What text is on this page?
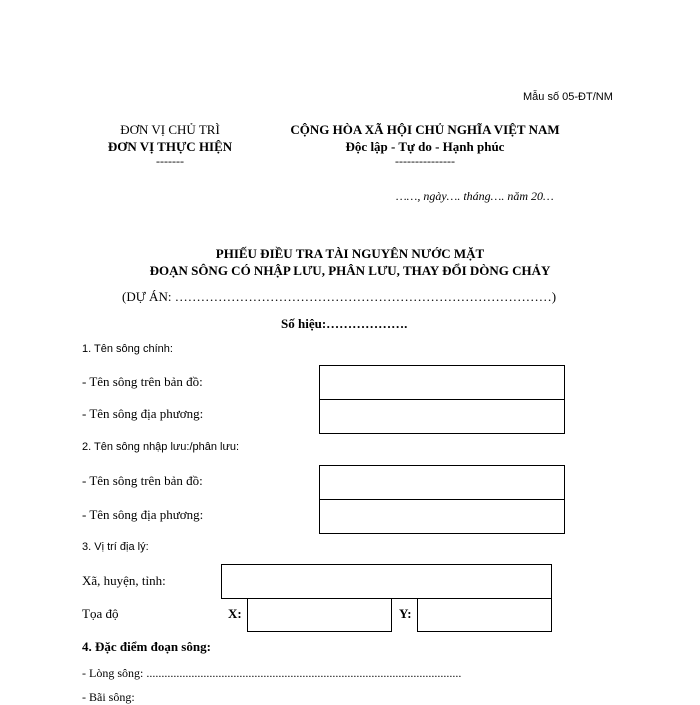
Mẫu số 05-ĐT/NM
ĐƠN VỊ CHỦ TRÌ
ĐƠN VỊ THỰC HIỆN
-------
CỘNG HÒA XÃ HỘI CHỦ NGHĨA VIỆT NAM
Độc lập - Tự do - Hạnh phúc
---------------
……, ngày…. tháng…. năm 20…
PHIẾU ĐIỀU TRA TÀI NGUYÊN NƯỚC MẶT
ĐOẠN SÔNG CÓ NHẬP LƯU, PHÂN LƯU, THAY ĐỔI DÒNG CHẢY
(DỰ ÁN: ……………………………………………………………………………)
Số hiệu:……………….
1. Tên sông chính:
- Tên sông trên bản đồ:
- Tên sông địa phương:
2. Tên sông nhập lưu:/phân lưu:
- Tên sông trên bản đồ:
- Tên sông địa phương:
3. Vị trí địa lý:
Xã, huyện, tỉnh:
Tọa độ	X:	Y:
4. Đặc điểm đoạn sông:
- Lòng sông: .........................................................................................................
- Bãi sông:
